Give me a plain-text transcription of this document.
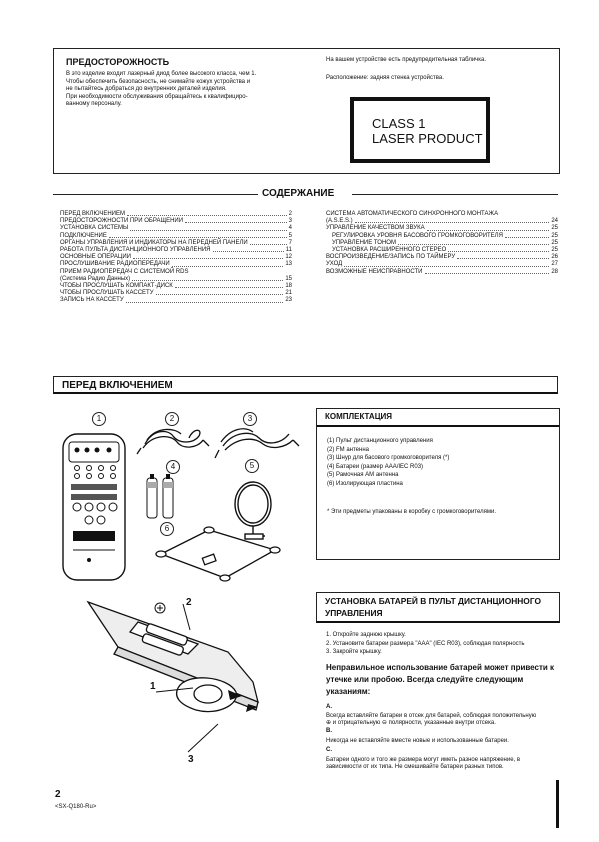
ПРЕДОСТОРОЖНОСТЬ
В это изделие входит лазерный диод более высокого класса, чем 1.
Чтобы обеспечить безопасность, не снимайте кожух устройства и
не пытайтесь добраться до внутренних деталей изделия.
При необходимости обслуживания обращайтесь к квалифициро-
ванному персоналу.
На вашем устройстве есть предупредительная табличка.
Расположение: задняя стенка устройства.
CLASS 1
LASER PRODUCT
СОДЕРЖАНИЕ
ПЕРЕД ВКЛЮЧЕНИЕМ	2
ПРЕДОСТОРОЖНОСТИ ПРИ ОБРАЩЕНИИ	3
УСТАНОВКА СИСТЕМЫ	4
ПОДКЛЮЧЕНИЕ	5
ОРГАНЫ УПРАВЛЕНИЯ И ИНДИКАТОРЫ НА ПЕРЕДНЕЙ ПАНЕЛИ	7
РАБОТА ПУЛЬТА ДИСТАНЦИОННОГО УПРАВЛЕНИЯ	11
ОСНОВНЫЕ ОПЕРАЦИИ	12
ПРОСЛУШИВАНИЕ РАДИОПЕРЕДАЧИ	13
ПРИЕМ РАДИОПЕРЕДАЧ С СИСТЕМОЙ RDS
(Система Радио Данных)	15
ЧТОБЫ ПРОСЛУШАТЬ КОМПАКТ-ДИСК	18
ЧТОБЫ ПРОСЛУШАТЬ КАССЕТУ	21
ЗАПИСЬ НА КАССЕТУ	23
СИСТЕМА АВТОМАТИЧЕСКОГО СИНХРОННОГО МОНТАЖА
(A.S.E.S.)	24
УПРАВЛЕНИЕ КАЧЕСТВОМ ЗВУКА	25
РЕГУЛИРОВКА УРОВНЯ БАСОВОГО ГРОМКОГОВОРИТЕЛЯ	25
УПРАВЛЕНИЕ ТОНОМ	25
УСТАНОВКА РАСШИРЕННОГО СТЕРЕО	25
ВОСПРОИЗВЕДЕНИЕ/ЗАПИСЬ ПО ТАЙМЕРУ	26
УХОД	27
ВОЗМОЖНЫЕ НЕИСПРАВНОСТИ	28
ПЕРЕД ВКЛЮЧЕНИЕМ
1	2	3
4	5
6
КОМПЛЕКТАЦИЯ
(1) Пульт дистанционного управления
(2) FM антенна
(3) Шнур для басового громкоговорителя (*)
(4) Батареи (размер AAA/IEC R03)
(5) Рамочная AM антенна
(6) Изолирующая пластина
* Эти предметы упакованы в коробку с громкоговорителями.
1
2
3
УСТАНОВКА БАТАРЕЙ В ПУЛЬТ ДИСТАНЦИОННОГО
УПРАВЛЕНИЯ
1. Откройте заднюю крышку.
2. Установите батареи размера "AAA" (IEC R03), соблюдая полярность
3. Закройте крышку.
Неправильное использование батарей может привести к
утечке или пробою. Всегда следуйте следующим
указаниям:
A.
Всегда вставляйте батареи в отсек для батарей, соблюдая положительную
⊕ и отрицательную ⊖ полярности, указанные внутри отсека.
B.
Никогда не вставляйте вместе новые и использованные батареи.
C.
Батареи одного и того же размера могут иметь разное напряжение, в
зависимости от их типа. Не смешивайте батареи разных типов.
2
<SX-Q180-Ru>
